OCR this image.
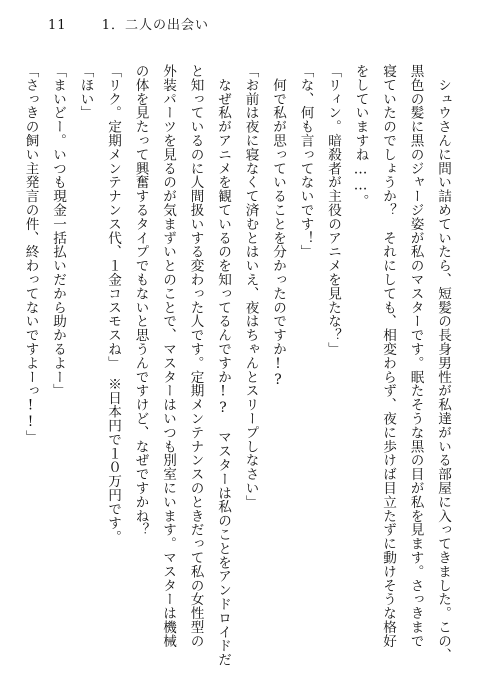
11	1．二人の出会い
　シュウさんに問い詰めていたら、短髪の長身男性が私達がいる部屋に入ってきました。この、
黒色の髪に黒のジャージ姿が私のマスターです。眠たそうな黒の目が私を見ます。さっきまで
寝ていたのでしょうか？　それにしても、相変わらず、夜に歩けば目立たずに動けそうな格好
をしていますね……。
「リィン。暗殺者が主役のアニメを見たな？」
「な、何も言ってないです！」
　何で私が思っていることを分かったのですか!?
「お前は夜に寝なくて済むとはいえ、夜はちゃんとスリープしなさい」
　なぜ私がアニメを観ているのを知ってるんですか!?　マスターは私のことをアンドロイドだ
と知っているのに人間扱いする変わった人です。定期メンテナンスのときだって私の女性型の
外装パーツを見るのが気まずいとのことで、マスターはいつも別室にいます。マスターは機械
の体を見たって興奮するタイプでもないと思うんですけど、なぜですかね？
「リク。定期メンテナンス代、１金コスモスね」　※日本円で１０万円です。
「ほい」
「まいどー。いつも現金一括払いだから助かるよー」
「さっきの飼い主発言の件、終わってないですよーっ!!」
